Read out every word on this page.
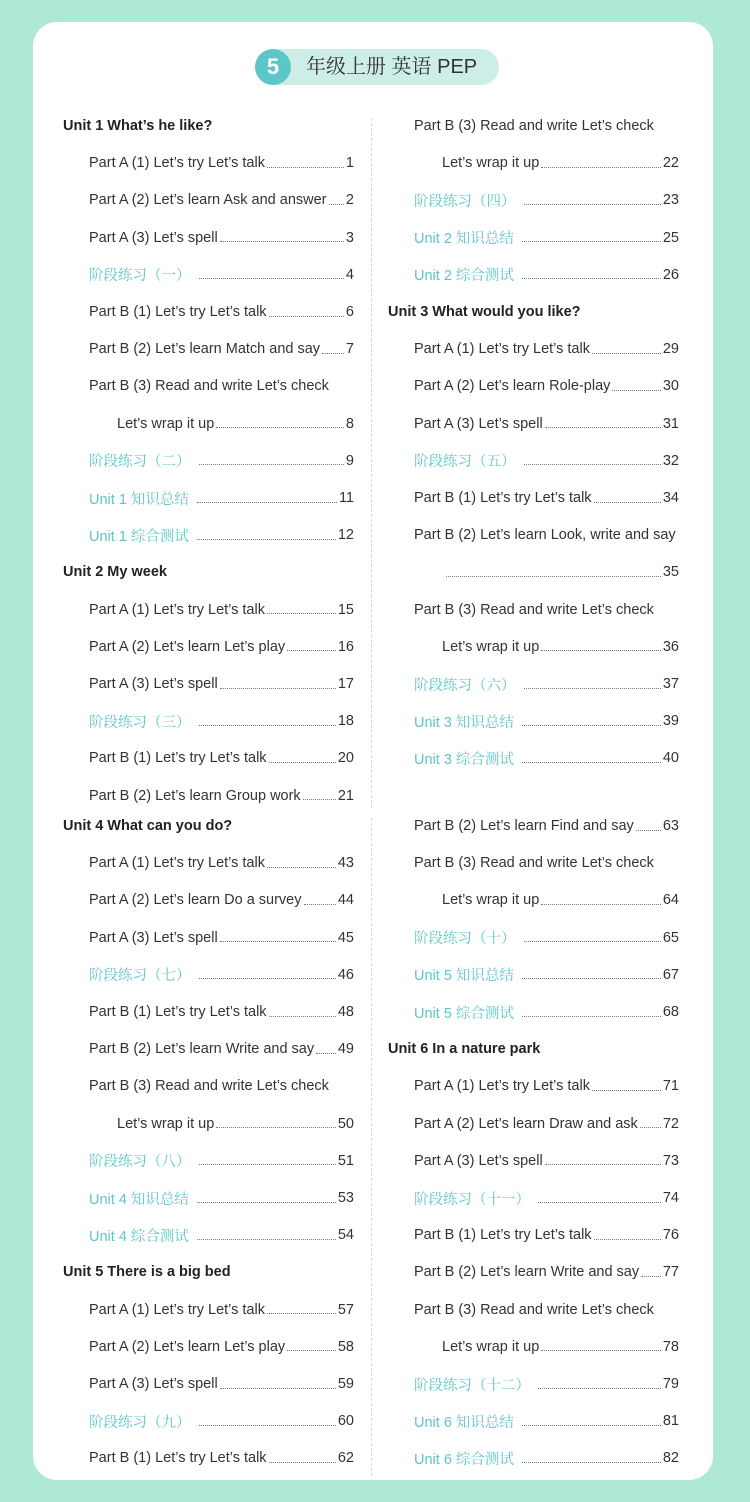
5	年级上册 英语 PEP
Unit 1 What’s he like?
Part A (1) Let’s try Let’s talk	1
Part A (2) Let’s learn Ask and answer 2
Part A (3) Let’s spell	3
阶段练习（一）	4
Part B (1) Let’s try Let’s talk	6
Part B (2) Let’s learn Match and say 7
Part B (3) Read and write Let’s check
Let’s wrap it up	8
阶段练习（二）	9
Unit 1 知识总结	11
Unit 1 综合测试	12
Unit 2 My week
Part A (1) Let’s try Let’s talk	15
Part A (2) Let’s learn Let’s play	16
Part A (3) Let’s spell	17
阶段练习（三）	18
Part B (1) Let’s try Let’s talk	20
Part B (2) Let’s learn Group work	21
Part B (3) Read and write Let’s check
Let’s wrap it up	22
阶段练习（四）	23
Unit 2 知识总结	25
Unit 2 综合测试	26
Unit 3 What would you like?
Part A (1) Let’s try Let’s talk	29
Part A (2) Let’s learn Role-play	30
Part A (3) Let’s spell	31
阶段练习（五）	32
Part B (1) Let’s try Let’s talk	34
Part B (2) Let’s learn Look, write and say
35
Part B (3) Read and write Let’s check
Let’s wrap it up	36
阶段练习（六）	37
Unit 3 知识总结	39
Unit 3 综合测试	40
Unit 4 What can you do?
Part A (1) Let’s try Let’s talk	43
Part A (2) Let’s learn Do a survey	44
Part A (3) Let’s spell	45
阶段练习（七）	46
Part B (1) Let’s try Let’s talk	48
Part B (2) Let’s learn Write and say 49
Part B (3) Read and write Let’s check
Let’s wrap it up	50
阶段练习（八）	51
Unit 4 知识总结	53
Unit 4 综合测试	54
Unit 5 There is a big bed
Part A (1) Let’s try Let’s talk	57
Part A (2) Let’s learn Let’s play	58
Part A (3) Let’s spell	59
阶段练习（九）	60
Part B (1) Let’s try Let’s talk	62
Part B (2) Let’s learn Find and say 63
Part B (3) Read and write Let’s check
Let’s wrap it up	64
阶段练习（十）	65
Unit 5 知识总结	67
Unit 5 综合测试	68
Unit 6 In a nature park
Part A (1) Let’s try Let’s talk	71
Part A (2) Let’s learn Draw and ask 72
Part A (3) Let’s spell	73
阶段练习（十一）	74
Part B (1) Let’s try Let’s talk	76
Part B (2) Let’s learn Write and say 77
Part B (3) Read and write Let’s check
Let’s wrap it up	78
阶段练习（十二）	79
Unit 6 知识总结	81
Unit 6 综合测试	82
